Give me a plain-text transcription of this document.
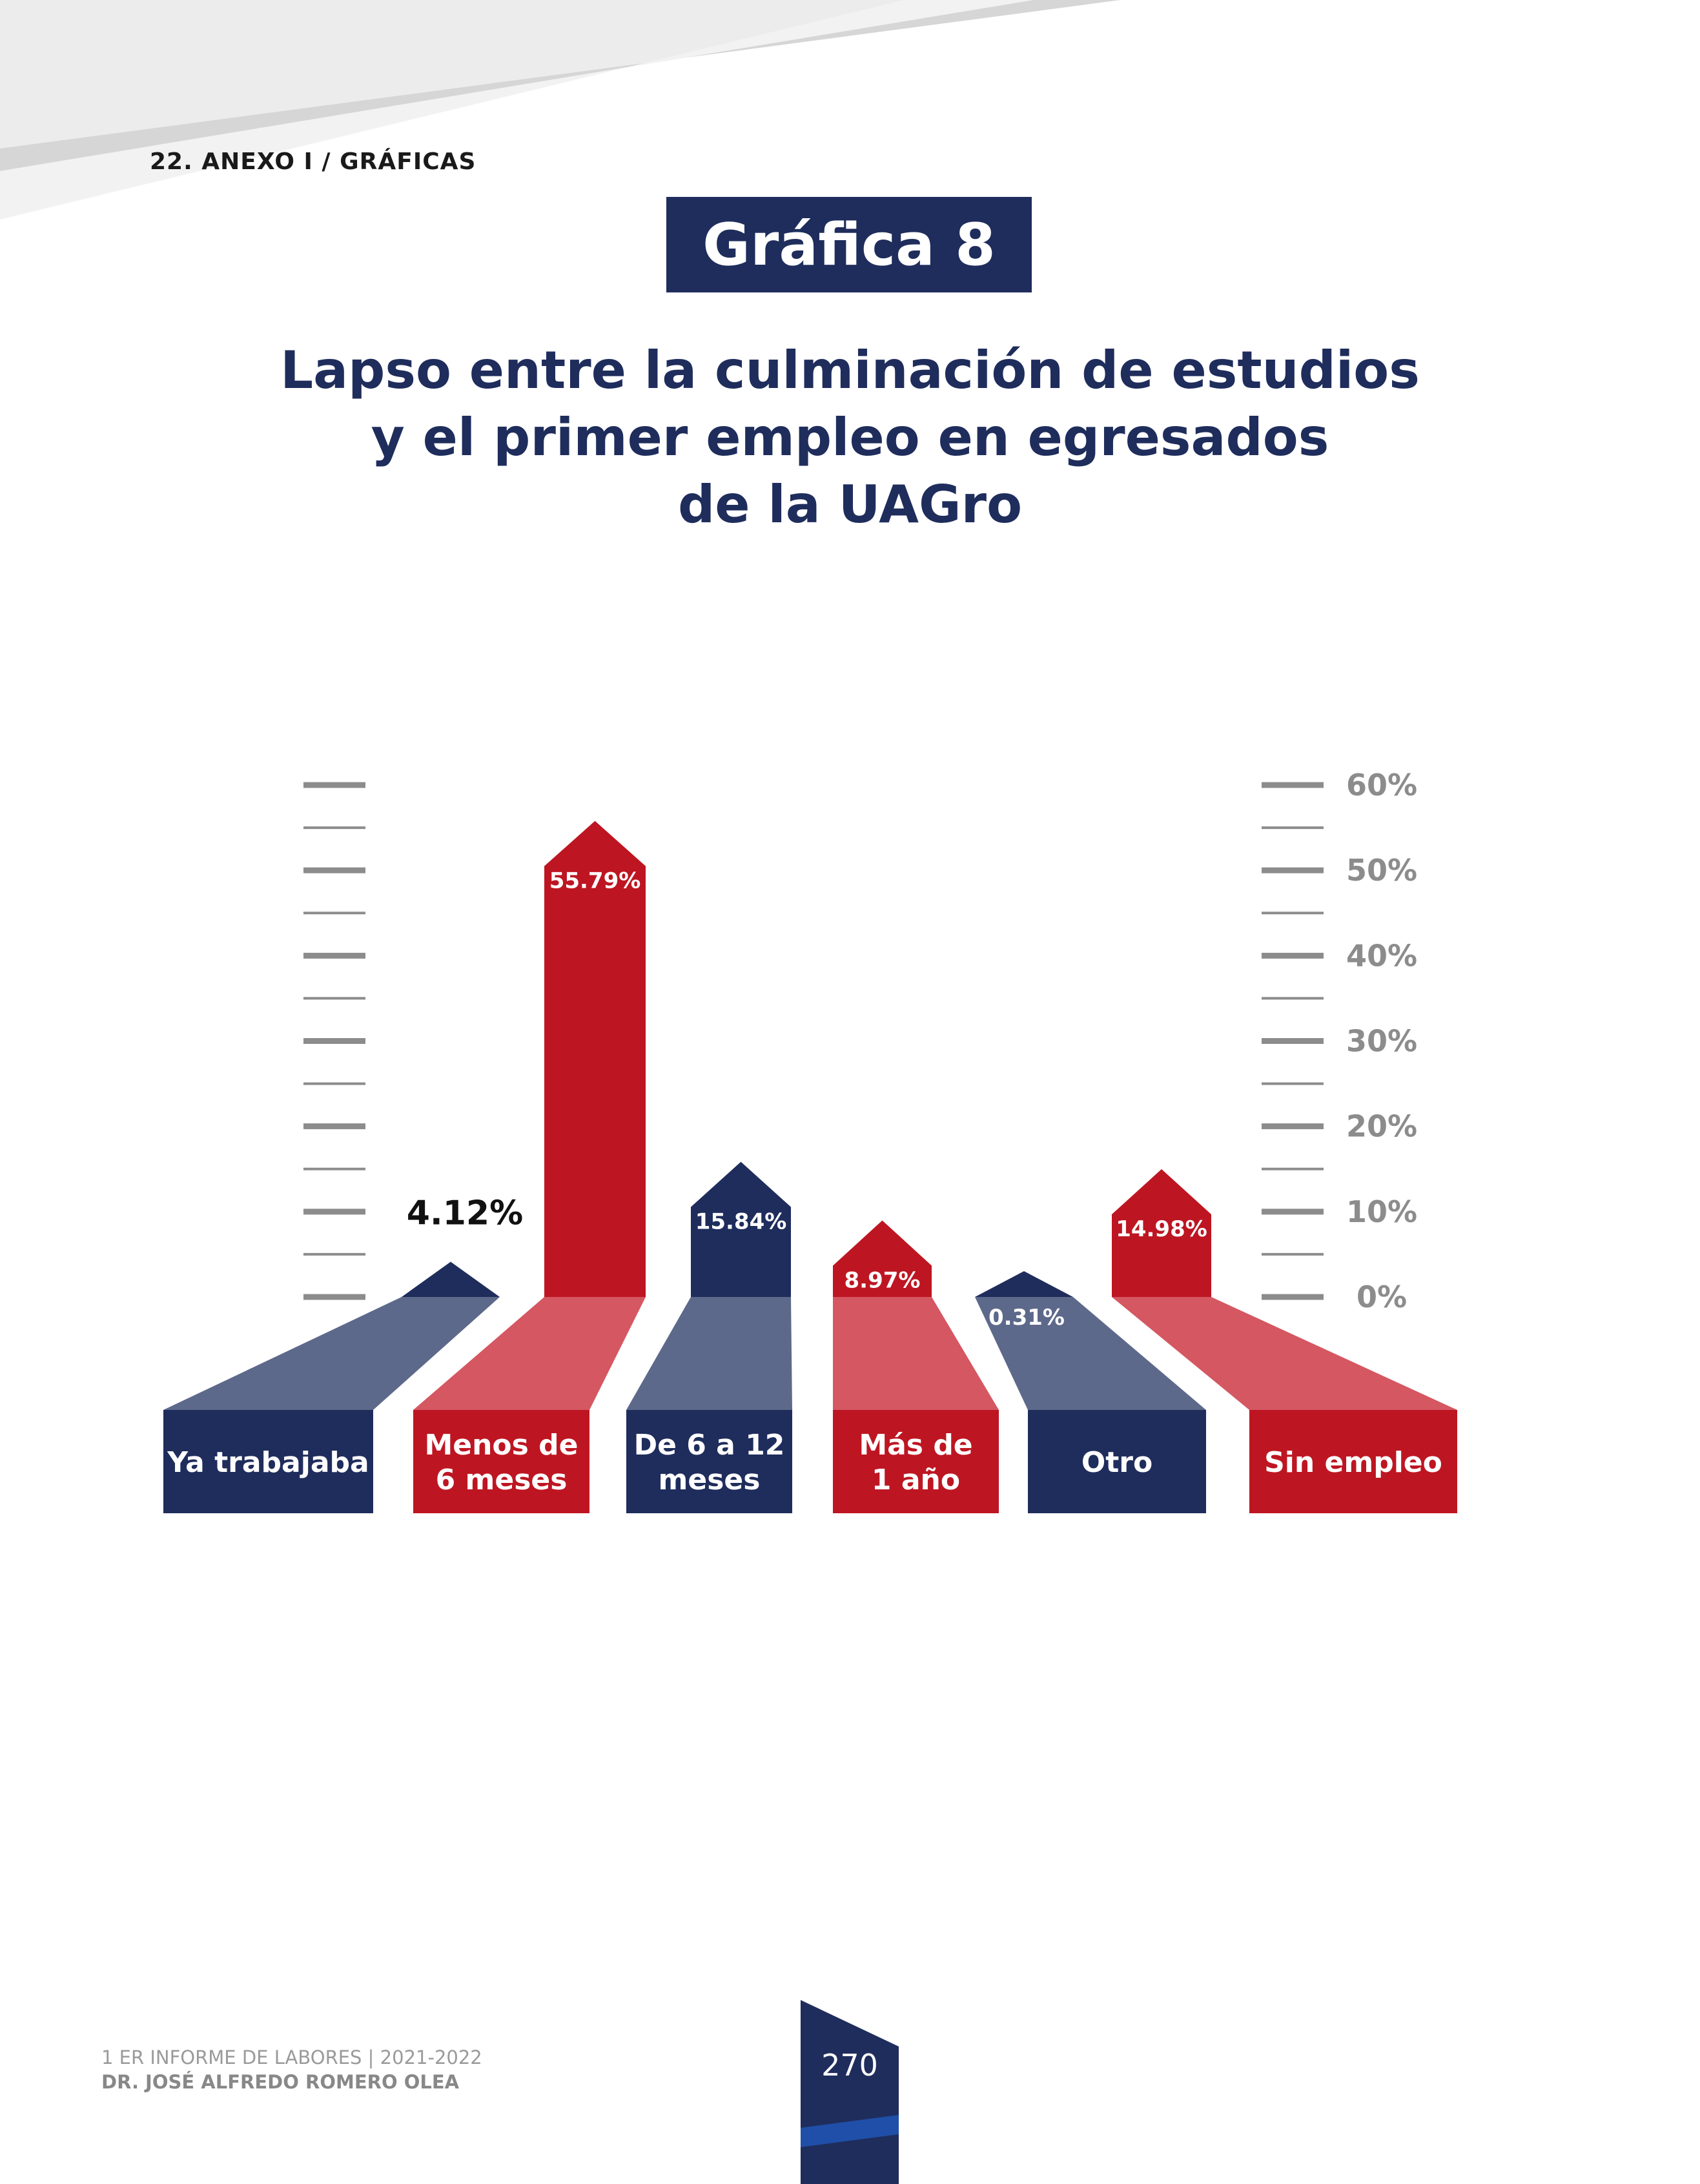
22. ANEXO I / GRÁFICAS
Gráfica 8
Lapso entre la culminación de estudios
y el primer empleo en egresados
de la UAGro
0%
10%
20%
30%
40%
50%
60%
Ya trabajaba
4.12%
Menos de
6 meses
55.79%
De 6 a 12
meses
15.84%
Más de
1 año
8.97%
Otro
0.31%
Sin empleo
14.98%
1 ER INFORME DE LABORES | 2021-2022
DR. JOSÉ ALFREDO ROMERO OLEA	270
